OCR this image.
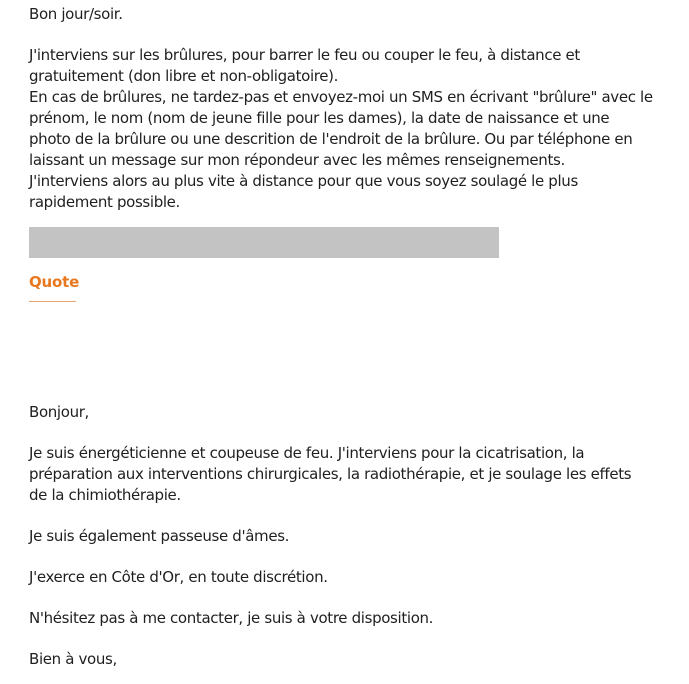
Bon jour/soir.

J'interviens sur les brûlures, pour barrer le feu ou couper le feu, à distance et
gratuitement (don libre et non-obligatoire).
En cas de brûlures, ne tardez-pas et envoyez-moi un SMS en écrivant "brûlure" avec le
prénom, le nom (nom de jeune fille pour les dames), la date de naissance et une
photo de la brûlure ou une descrition de l'endroit de la brûlure. Ou par téléphone en
laissant un message sur mon répondeur avec les mêmes renseignements.
J'interviens alors au plus vite à distance pour que vous soyez soulagé le plus
rapidement possible.

Quote

Bonjour,

Je suis énergéticienne et coupeuse de feu. J'interviens pour la cicatrisation, la
préparation aux interventions chirurgicales, la radiothérapie, et je soulage les effets
de la chimiothérapie.

Je suis également passeuse d'âmes.

J'exerce en Côte d'Or, en toute discrétion.

N'hésitez pas à me contacter, je suis à votre disposition.

Bien à vous,
